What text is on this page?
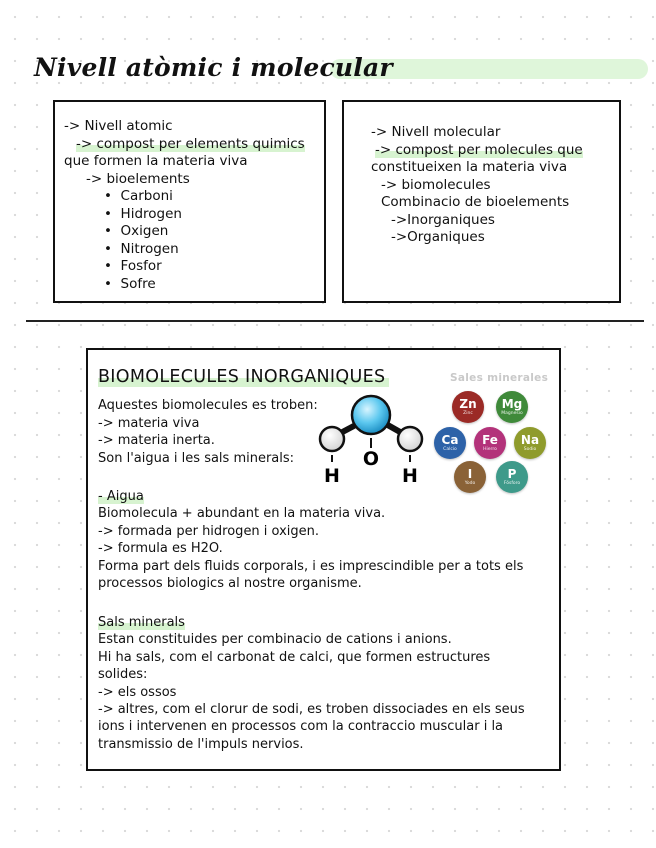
Nivell atòmic i molecular
-> Nivell atomic
-> compost per elements quimics
que formen la materia viva
-> bioelements
•  Carboni
•  Hidrogen
•  Oxigen
•  Nitrogen
•  Fosfor
•  Sofre
-> Nivell molecular
-> compost per molecules que
constitueixen la materia viva
-> biomolecules
Combinacio de bioelements
->Inorganiques
->Organiques
BIOMOLECULES INORGANIQUES
Aquestes biomolecules es troben:
-> materia viva
-> materia inerta.
Son l'aigua i les sals minerals:
- Aigua
Biomolecula + abundant en la materia viva.
-> formada per hidrogen i oxigen.
-> formula es H2O.
Forma part dels fluids corporals, i es imprescindible per a tots els
processos biologics al nostre organisme.
Sals minerals
Estan constituides per combinacio de cations i anions.
Hi ha sals, com el carbonat de calci, que formen estructures
solides:
-> els ossos
-> altres, com el clorur de sodi, es troben dissociades en els seus
ions i intervenen en processos com la contraccio muscular i la
transmissio de l'impuls nervios.
H
O
H
Sales minerales
Zn
Zinc
Mg
Magnesio
Ca
Calcio
Fe
Hierro
Na
Sodio
I
Yodo
P
Fósforo
